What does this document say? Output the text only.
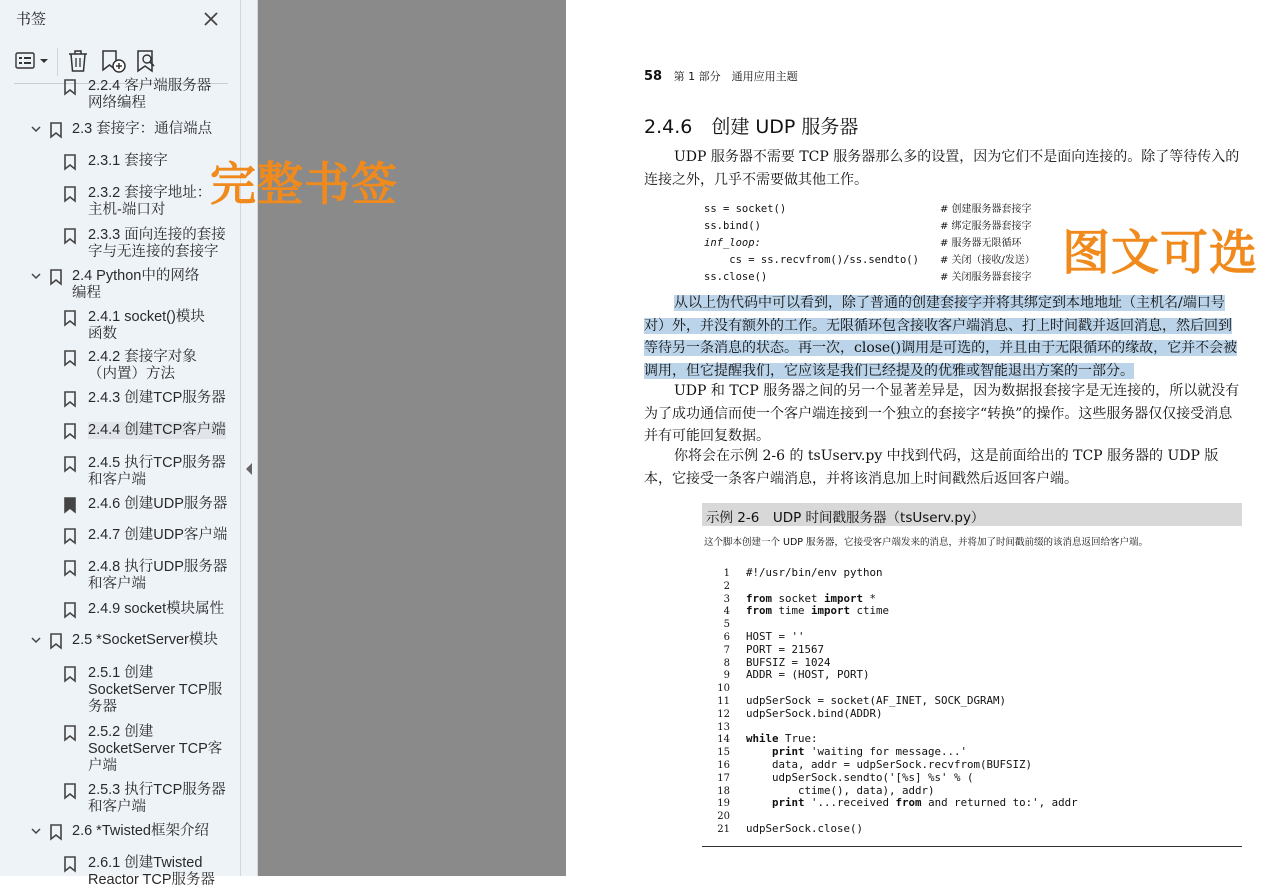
书签
2.2.4 客户端服务器
网络编程
2.3 套接字：通信端点
2.3.1 套接字
2.3.2 套接字地址：
主机-端口对
2.3.3 面向连接的套接
字与无连接的套接字
2.4 Python中的网络
编程
2.4.1 socket()模块
函数
2.4.2 套接字对象
（内置）方法
2.4.3 创建TCP服务器
2.4.4 创建TCP客户端
2.4.5 执行TCP服务器
和客户端
2.4.6 创建UDP服务器
2.4.7 创建UDP客户端
2.4.8 执行UDP服务器
和客户端
2.4.9 socket模块属性
2.5 *SocketServer模块
2.5.1 创建
SocketServer TCP服
务器
2.5.2 创建
SocketServer TCP客
户端
2.5.3 执行TCP服务器
和客户端
2.6 *Twisted框架介绍
2.6.1 创建Twisted
Reactor TCP服务器
58 第 1 部分　通用应用主题
2.4.6　创建 UDP 服务器
UDP 服务器不需要 TCP 服务器那么多的设置，因为它们不是面向连接的。除了等待传入的连接之外，几乎不需要做其他工作。
ss = socket()	# 创建服务器套接字
ss.bind()	# 绑定服务器套接字
inf_loop:	# 服务器无限循环
cs = ss.recvfrom()/ss.sendto() # 关闭（接收/发送）
ss.close()	# 关闭服务器套接字
从以上伪代码中可以看到，除了普通的创建套接字并将其绑定到本地地址（主机名/端口号对）外，并没有额外的工作。无限循环包含接收客户端消息、打上时间戳并返回消息，然后回到等待另一条消息的状态。再一次，close()调用是可选的，并且由于无限循环的缘故，它并不会被调用，但它提醒我们，它应该是我们已经提及的优雅或智能退出方案的一部分。
UDP 和 TCP 服务器之间的另一个显著差异是，因为数据报套接字是无连接的，所以就没有为了成功通信而使一个客户端连接到一个独立的套接字“转换”的操作。这些服务器仅仅接受消息并有可能回复数据。
你将会在示例 2-6 的 tsUserv.py 中找到代码，这是前面给出的 TCP 服务器的 UDP 版本，它接受一条客户端消息，并将该消息加上时间戳然后返回客户端。
示例 2-6　UDP 时间戳服务器（tsUserv.py）
这个脚本创建一个 UDP 服务器，它接受客户端发来的消息，并将加了时间戳前缀的该消息返回给客户端。
1 #!/usr/bin/env python
2
3 from socket import *
4 from time import ctime
5
6 HOST = ''
7 PORT = 21567
8 BUFSIZ = 1024
9 ADDR = (HOST, PORT)
10
11 udpSerSock = socket(AF_INET, SOCK_DGRAM)
12 udpSerSock.bind(ADDR)
13
14 while True:
15	print 'waiting for message...'
16    data, addr = udpSerSock.recvfrom(BUFSIZ)
17    udpSerSock.sendto('[%s] %s' % (
18        ctime(), data), addr)
19	print '...received from and returned to:', addr
20
21 udpSerSock.close()
完整书签
图文可选
